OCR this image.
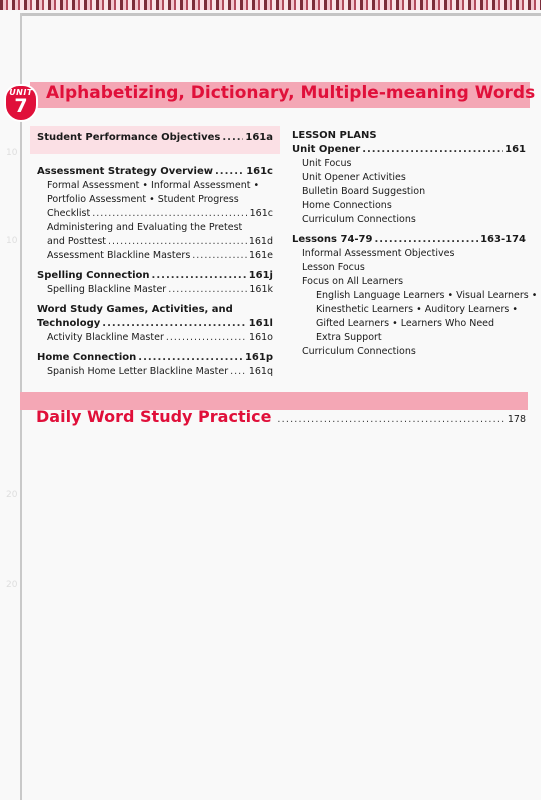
10
10
20
20
UNIT
7
Alphabetizing, Dictionary, Multiple-meaning Words
Student Performance Objectives .....	161a
Assessment Strategy Overview .....	161c
Formal Assessment • Informal Assessment •
Portfolio Assessment • Student Progress
Checklist .....	161c
Administering and Evaluating the Pretest
and Posttest .....	161d
Assessment Blackline Masters .....	161e
Spelling Connection .....	161j
Spelling Blackline Master .....	161k
Word Study Games, Activities, and
Technology .....	161l
Activity Blackline Master .....	161o
Home Connection .....	161p
Spanish Home Letter Blackline Master ..... 161q
LESSON PLANS
Unit Opener .....	161
Unit Focus
Unit Opener Activities
Bulletin Board Suggestion
Home Connections
Curriculum Connections
Lessons 74-79 .....	163-174
Informal Assessment Objectives
Lesson Focus
Focus on All Learners
English Language Learners • Visual Learners •
Kinesthetic Learners • Auditory Learners •
Gifted Learners • Learners Who Need
Extra Support
Curriculum Connections
Daily Word Study Practice .....	178
